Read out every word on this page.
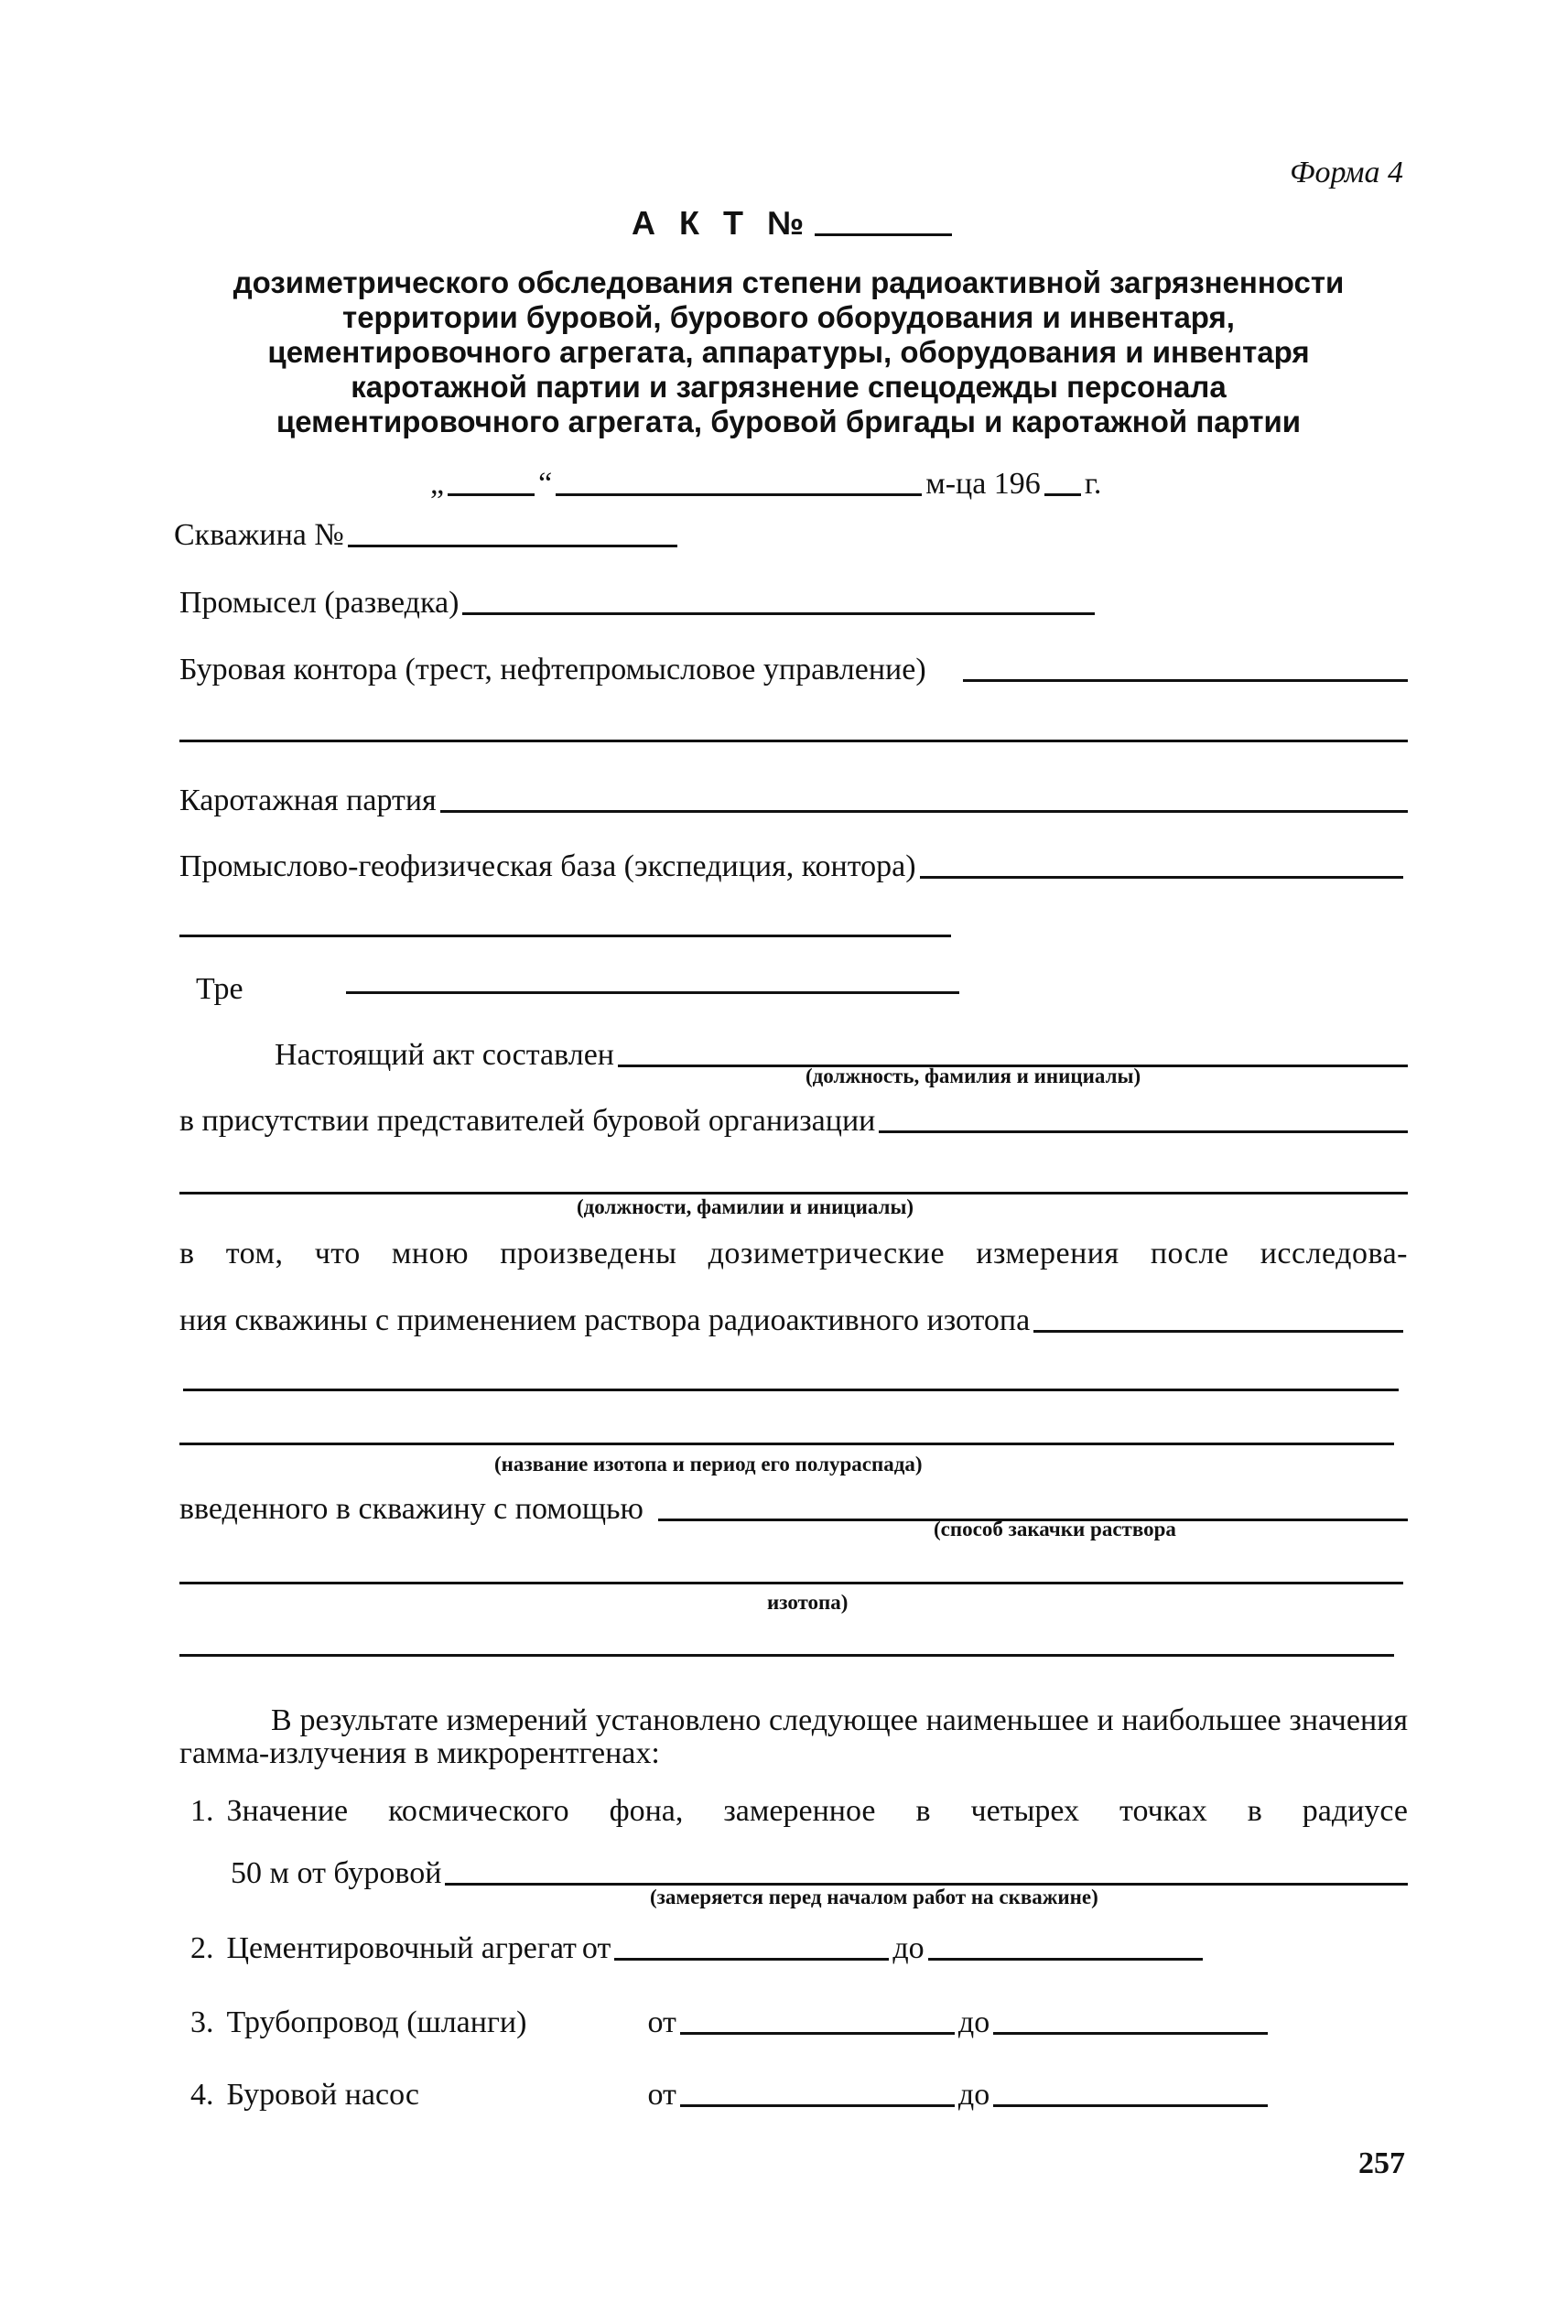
Форма 4
А К Т №
дозиметрического обследования степени радиоактивной загрязненности
территории буровой, бурового оборудования и инвентаря,
цементировочного агрегата, аппаратуры, оборудования и инвентаря
каротажной партии и загрязнение спецодежды персонала
цементировочного агрегата, буровой бригады и каротажной партии
„	“	м-ца 196 г.
Скважина №
Промысел (разведка)
Буровая контора (трест, нефтепромысловое управление)
Каротажная партия
Промыслово-геофизическая база (экспедиция, контора)
Тре
Настоящий акт составлен
(должность, фамилия и инициалы)
в присутствии представителей буровой организации
(должности, фамилии и инициалы)
в том, что мною произведены дозиметрические измерения после исследова-
ния скважины с применением раствора радиоактивного изотопа
(название изотопа и период его полураспада)
введенного в скважину с помощью
(способ закачки раствора
изотопа)
В результате измерений установлено следующее наименьшее и наибольшее значения гамма-излучения в микрорентгенах:
1. Значение космического фона, замеренное в четырех точках в радиусе
50 м от буровой
(замеряется перед началом работ на скважине)
2. Цементировочный агрегат от	до
3. Трубопровод (шланги)	от	до
4. Буровой насос	от	до
257
